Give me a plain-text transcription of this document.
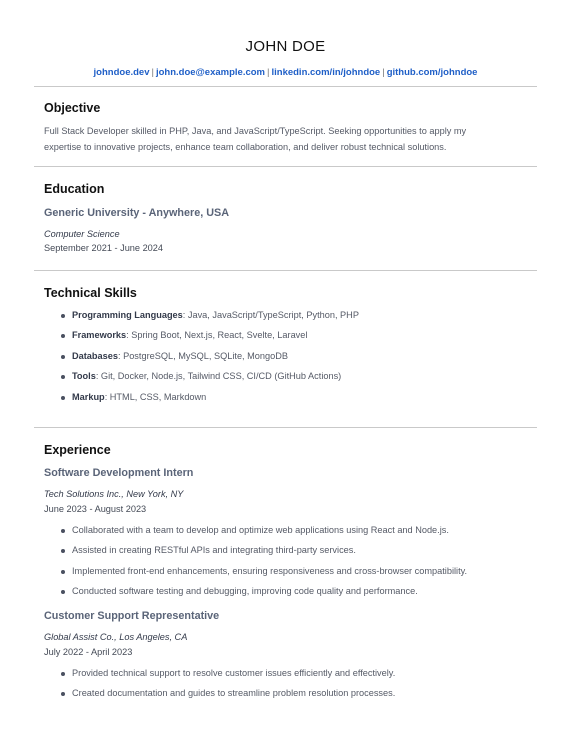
JOHN DOE
johndoe.dev | john.doe@example.com | linkedin.com/in/johndoe | github.com/johndoe
Objective
Full Stack Developer skilled in PHP, Java, and JavaScript/TypeScript. Seeking opportunities to apply my expertise to innovative projects, enhance team collaboration, and deliver robust technical solutions.
Education
Generic University - Anywhere, USA
Computer Science
September 2021 - June 2024
Technical Skills
Programming Languages: Java, JavaScript/TypeScript, Python, PHP
Frameworks: Spring Boot, Next.js, React, Svelte, Laravel
Databases: PostgreSQL, MySQL, SQLite, MongoDB
Tools: Git, Docker, Node.js, Tailwind CSS, CI/CD (GitHub Actions)
Markup: HTML, CSS, Markdown
Experience
Software Development Intern
Tech Solutions Inc., New York, NY
June 2023 - August 2023
Collaborated with a team to develop and optimize web applications using React and Node.js.
Assisted in creating RESTful APIs and integrating third-party services.
Implemented front-end enhancements, ensuring responsiveness and cross-browser compatibility.
Conducted software testing and debugging, improving code quality and performance.
Customer Support Representative
Global Assist Co., Los Angeles, CA
July 2022 - April 2023
Provided technical support to resolve customer issues efficiently and effectively.
Created documentation and guides to streamline problem resolution processes.
